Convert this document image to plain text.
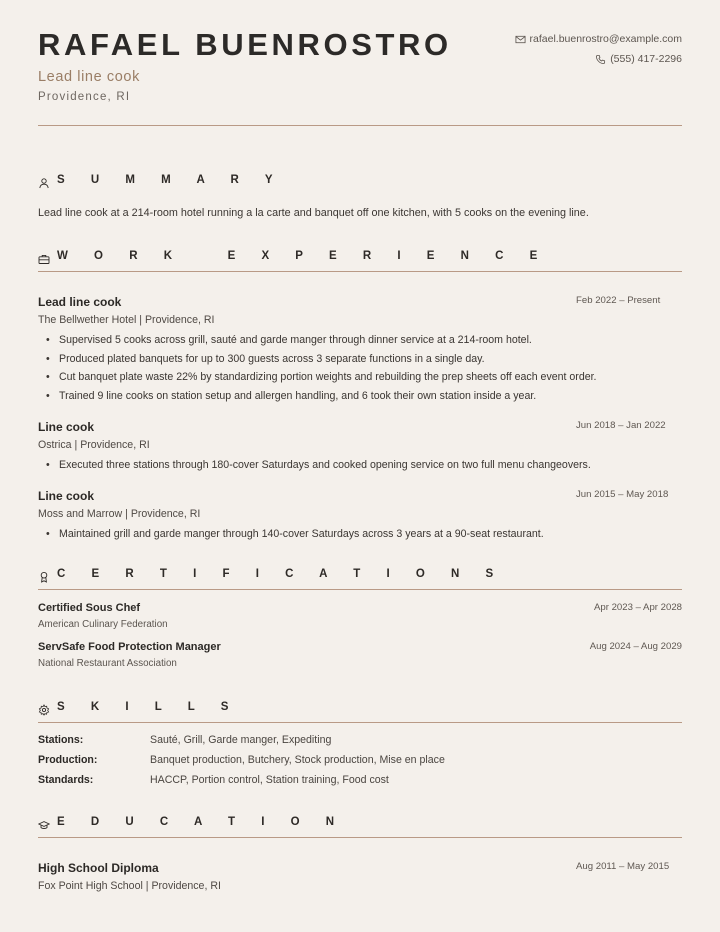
RAFAEL BUENROSTRO
Lead line cook
Providence, RI
rafael.buenrostro@example.com
(555) 417-2296
S U M M A R Y
Lead line cook at a 214-room hotel running a la carte and banquet off one kitchen, with 5 cooks on the evening line.
W O R K   E X P E R I E N C E
Lead line cook	Feb 2022 – Present
The Bellwether Hotel | Providence, RI
• Supervised 5 cooks across grill, sauté and garde manger through dinner service at a 214-room hotel.
• Produced plated banquets for up to 300 guests across 3 separate functions in a single day.
• Cut banquet plate waste 22% by standardizing portion weights and rebuilding the prep sheets off each event order.
• Trained 9 line cooks on station setup and allergen handling, and 6 took their own station inside a year.
Line cook	Jun 2018 – Jan 2022
Ostrica | Providence, RI
• Executed three stations through 180-cover Saturdays and cooked opening service on two full menu changeovers.
Line cook	Jun 2015 – May 2018
Moss and Marrow | Providence, RI
• Maintained grill and garde manger through 140-cover Saturdays across 3 years at a 90-seat restaurant.
C E R T I F I C A T I O N S
Certified Sous Chef	Apr 2023 – Apr 2028
American Culinary Federation
ServSafe Food Protection Manager	Aug 2024 – Aug 2029
National Restaurant Association
S K I L L S
Stations:	Sauté, Grill, Garde manger, Expediting
Production:	Banquet production, Butchery, Stock production, Mise en place
Standards:	HACCP, Portion control, Station training, Food cost
E D U C A T I O N
High School Diploma	Aug 2011 – May 2015
Fox Point High School | Providence, RI
